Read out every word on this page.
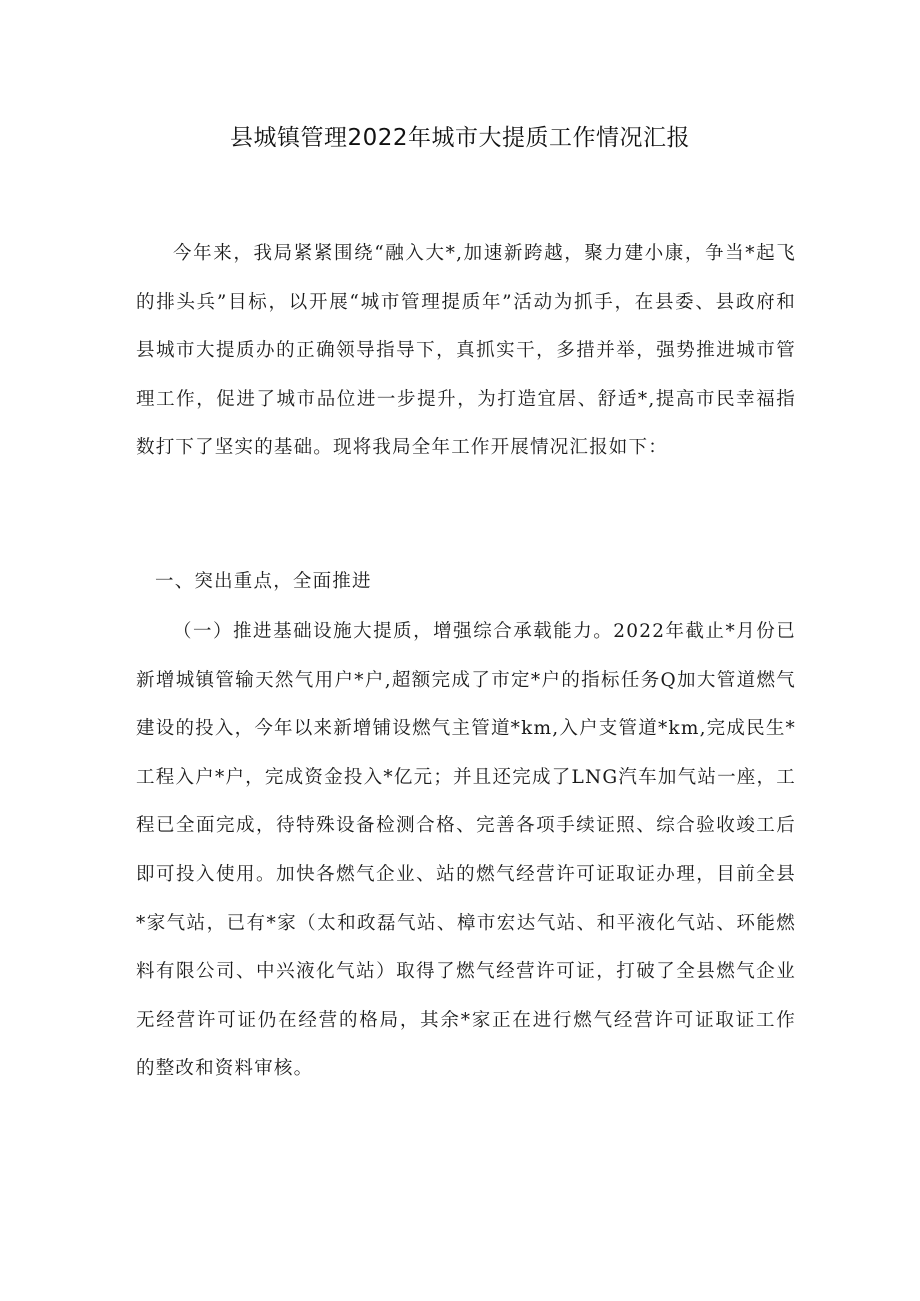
县城镇管理2022年城市大提质工作情况汇报

今年来，我局紧紧围绕“融入大*,加速新跨越，聚力建小康，争当*起飞的排头兵”目标，以开展“城市管理提质年”活动为抓手，在县委、县政府和县城市大提质办的正确领导指导下，真抓实干，多措并举，强势推进城市管理工作，促进了城市品位进一步提升，为打造宜居、舒适*,提高市民幸福指数打下了坚实的基础。现将我局全年工作开展情况汇报如下：

一、突出重点，全面推进

（一）推进基础设施大提质，增强综合承载能力。2022年截止*月份已新增城镇管输天然气用户*户,超额完成了市定*户的指标任务Q加大管道燃气建设的投入，今年以来新增铺设燃气主管道*km,入户支管道*km,完成民生*工程入户*户，完成资金投入*亿元；并且还完成了LNG汽车加气站一座，工程已全面完成，待特殊设备检测合格、完善各项手续证照、综合验收竣工后即可投入使用。加快各燃气企业、站的燃气经营许可证取证办理，目前全县*家气站，已有*家（太和政磊气站、樟市宏达气站、和平液化气站、环能燃料有限公司、中兴液化气站）取得了燃气经营许可证，打破了全县燃气企业无经营许可证仍在经营的格局，其余*家正在进行燃气经营许可证取证工作的整改和资料审核。
